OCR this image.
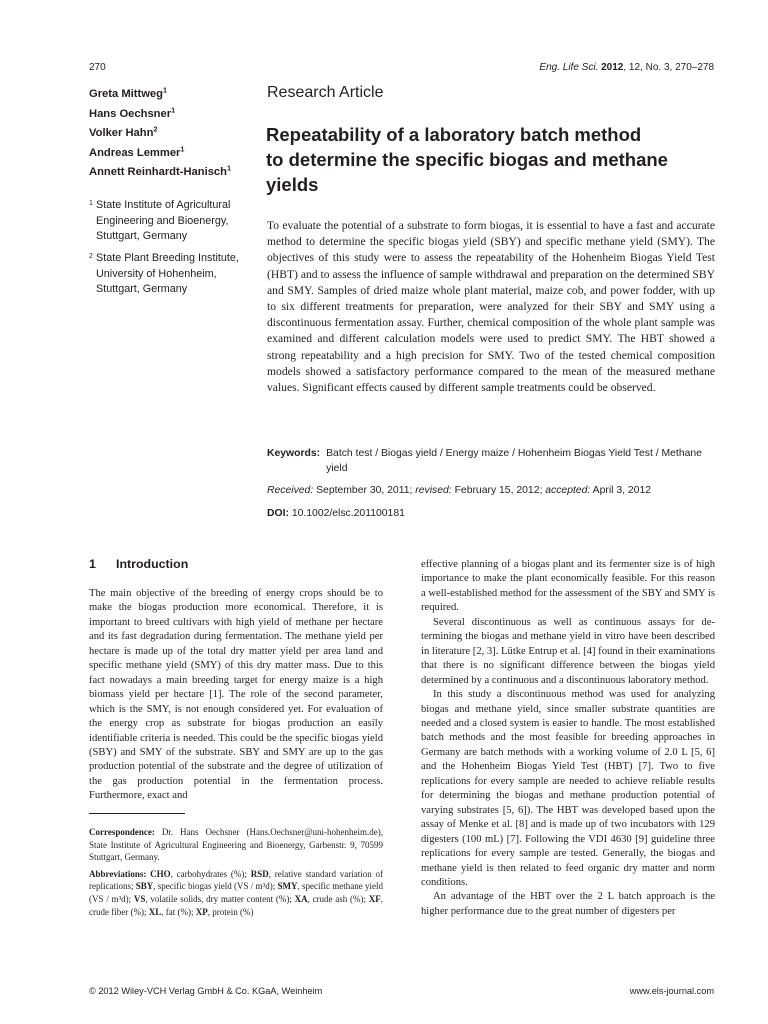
270	Eng. Life Sci. 2012, 12, No. 3, 270–278
Greta Mittweg$^1$
Hans Oechsner$^1$
Volker Hahn$^2$
Andreas Lemmer$^1$
Annett Reinhardt-Hanisch$^1$
1 State Institute of Agricultural
Engineering and Bioenergy,
Stuttgart, Germany
2 State Plant Breeding Institute,
University of Hohenheim,
Stuttgart, Germany
Research Article
Repeatability of a laboratory batch method
to determine the specific biogas and methane
yields

To evaluate the potential of a substrate to form biogas, it is essential to have a fast and accurate method to determine the specific biogas yield (SBY) and specific methane yield (SMY). The objectives of this study were to assess the repeatability of the Hohenheim Biogas Yield Test (HBT) and to assess the influence of sample withdrawal and preparation on the determined SBY and SMY. Samples of dried maize whole plant material, maize cob, and power fodder, with up to six different treatments for preparation, were analyzed for their SBY and SMY using a discontinuous fermentation assay. Further, chemical composition of the whole plant sample was examined and different calculation models were used to predict SMY. The HBT showed a strong repeatability and a high precision for SMY. Two of the tested chemical composition models showed a satisfactory performance compared to the mean of the measured methane values. Significant effects caused by different sample treatments could be observed.

Keywords: Batch test / Biogas yield / Energy maize / Hohenheim Biogas Yield Test / Methane yield
Received: September 30, 2011; revised: February 15, 2012; accepted: April 3, 2012
DOI: 10.1002/elsc.201100181
1 Introduction

The main objective of the breeding of energy crops should be to make the biogas production more economical. Therefore, it is important to breed cultivars with high yield of methane per hectare and its fast degradation during fermentation. The methane yield per hectare is made up of the total dry matter yield per area land and specific methane yield (SMY) of this dry matter mass. Due to this fact nowadays a main breeding target for energy maize is a high biomass yield per hectare [1]. The role of the second parameter, which is the SMY, is not enough considered yet. For evaluation of the energy crop as substrate for biogas production an easily identifiable criteria is needed. This could be the specific biogas yield (SBY) and SMY of the substrate. SBY and SMY are up to the gas production potential of the substrate and the degree of utilization of the gas production potential in the fermentation process. Furthermore, exact and

effective planning of a biogas plant and its fermenter size is of high importance to make the plant economically feasible. For this reason a well-established method for the assessment of the SBY and SMY is required.

Several discontinuous as well as continuous assays for determining the biogas and methane yield in vitro have been described in literature [2, 3]. Lütke Entrup et al. [4] found in their examinations that there is no significant difference between the biogas yield determined by a continuous and a discontinuous laboratory method.

In this study a discontinuous method was used for analyzing biogas and methane yield, since smaller substrate quantities are needed and a closed system is easier to handle. The most established batch methods and the most feasible for breeding approaches in Germany are batch methods with a working volume of 2.0 L [5, 6] and the Hohenheim Biogas Yield Test (HBT) [7]. Two to five replications for every sample are needed to achieve reliable results for determining the biogas and methane production potential of varying substrates [5, 6]). The HBT was developed based upon the assay of Menke et al. [8] and is made up of two incubators with 129 digesters (100 mL) [7]. Following the VDI 4630 [9] guideline three replications for every sample are tested. Generally, the biogas and methane yield is then related to feed organic dry matter and norm conditions.

An advantage of the HBT over the 2 L batch approach is the higher performance due to the great number of digesters per

Correspondence: Dr. Hans Oechsner (Hans.Oechsner@uni-hohenheim.de), State Institute of Agricultural Engineering and Bioenergy, Garbenstr. 9, 70599 Stuttgart, Germany.

Abbreviations: CHO, carbohydrates (%); RSD, relative standard variation of replications; SBY, specific biogas yield (VS / m³d); SMY, specific methane yield (VS / m³d); VS, volatile solids, dry matter content (%); XA, crude ash (%); XF, crude fiber (%); XL, fat (%); XP, protein (%)

© 2012 Wiley-VCH Verlag GmbH & Co. KGaA, Weinheim	www.els-journal.com
